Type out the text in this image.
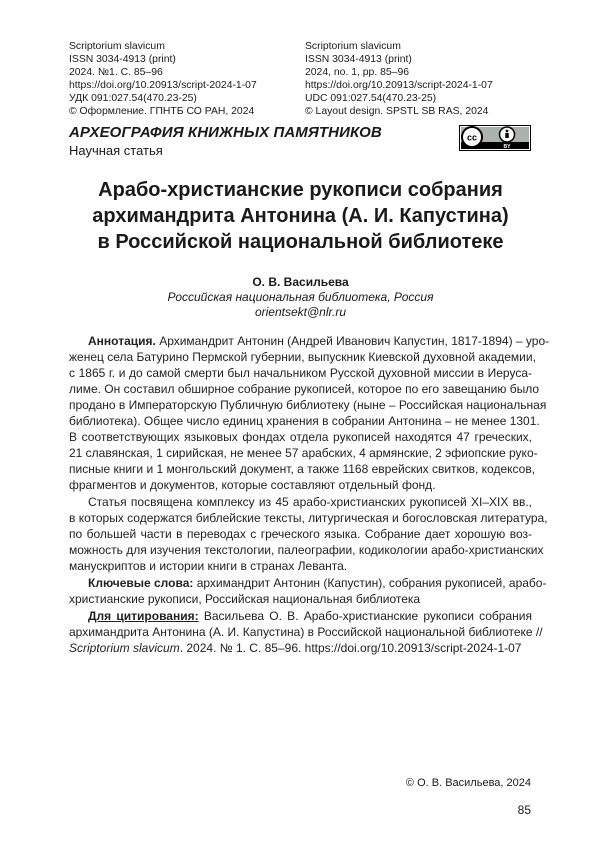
Scriptorium slavicum
ISSN 3034-4913 (print)
2024. №1. С. 85–96
https://doi.org/10.20913/script-2024-1-07
УДК 091:027.54(470.23-25)
© Оформление. ГПНТБ СО РАН, 2024
Scriptorium slavicum
ISSN 3034-4913 (print)
2024, no. 1, pp. 85–96
https://doi.org/10.20913/script-2024-1-07
UDC 091:027.54(470.23-25)
© Layout design. SPSTL SB RAS, 2024
АРХЕОГРАФИЯ КНИЖНЫХ ПАМЯТНИКОВ
Научная статья
cc
BY
Арабо-христианские рукописи собрания
архимандрита Антонина (А. И. Капустина)
в Российской национальной библиотеке
О. В. Васильева
Российская национальная библиотека, Россия
orientsekt@nlr.ru
Аннотация. Архимандрит Антонин (Андрей Иванович Капустин, 1817-1894) – уро-
женец села Батурино Пермской губернии, выпускник Киевской духовной академии,
с 1865 г. и до самой смерти был начальником Русской духовной миссии в Иеруса-
лиме. Он составил обширное собрание рукописей, которое по его завещанию было
продано в Императорскую Публичную библиотеку (ныне – Российская национальная
библиотека). Общее число единиц хранения в собрании Антонина – не менее 1301.
В соответствующих языковых фондах отдела рукописей находятся 47 греческих,
21 славянская, 1 сирийская, не менее 57 арабских, 4 армянские, 2 эфиопские руко-
писные книги и 1 монгольский документ, а также 1168 еврейских свитков, кодексов,
фрагментов и документов, которые составляют отдельный фонд.
Статья посвящена комплексу из 45 арабо-христианских рукописей XI–XIX вв.,
в которых содержатся библейские тексты, литургическая и богословская литература,
по большей части в переводах с греческого языка. Собрание дает хорошую воз-
можность для изучения текстологии, палеографии, кодикологии арабо-христианских
манускриптов и истории книги в странах Леванта.
Ключевые слова: архимандрит Антонин (Капустин), собрания рукописей, арабо-
христианские рукописи, Российская национальная библиотека
Для цитирования: Васильева О. В. Арабо-христианские рукописи собрания
архимандрита Антонина (А. И. Капустина) в Российской национальной библиотеке //
Scriptorium slavicum. 2024. № 1. С. 85–96. https://doi.org/10.20913/script-2024-1-07
© О. В. Васильева, 2024
85
